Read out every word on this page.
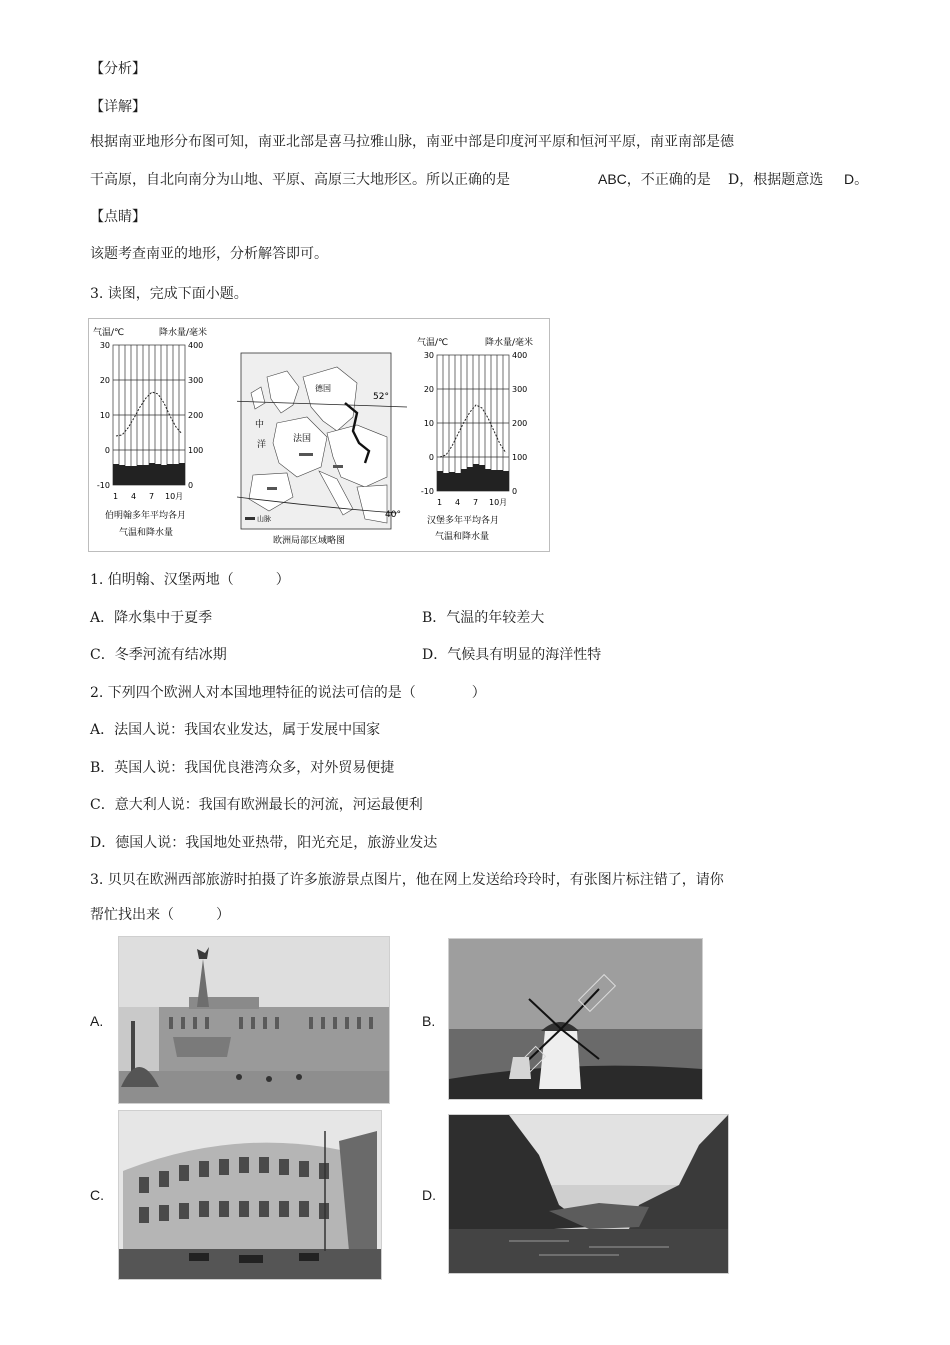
【分析】
【详解】
根据南亚地形分布图可知，南亚北部是喜马拉雅山脉，南亚中部是印度河平原和恒河平原，南亚南部是德
干高原，自北向南分为山地、平原、高原三大地形区。所以正确的是	ABC，不正确的是 D，根据题意选 D。
【点睛】
该题考查南亚的地形，分析解答即可。
3. 读图，完成下面小题。
气温/℃	降水量/毫米
30
20
10
0
-10
400
300
200
100
0
1 4 7 10月
伯明翰多年平均各月
气温和降水量
52°
40°
德国
法国
中
洋
山脉
欧洲局部区域略图
气温/℃	降水量/毫米
30
20
10
0
-10
400
300
200
100
0
1 4 7 10月
汉堡多年平均各月
气温和降水量
1. 伯明翰、汉堡两地（　　　）
A．降水集中于夏季	B．气温的年较差大
C．冬季河流有结冰期	D．气候具有明显的海洋性特
2. 下列四个欧洲人对本国地理特征的说法可信的是（　　　　）
A．法国人说：我国农业发达，属于发展中国家
B．英国人说：我国优良港湾众多，对外贸易便捷
C．意大利人说：我国有欧洲最长的河流，河运最便利
D．德国人说：我国地处亚热带，阳光充足，旅游业发达
3. 贝贝在欧洲西部旅游时拍摄了许多旅游景点图片，他在网上发送给玲玲时，有张图片标注错了，请你
帮忙找出来（　　　）
A.	B.
C.	D.
